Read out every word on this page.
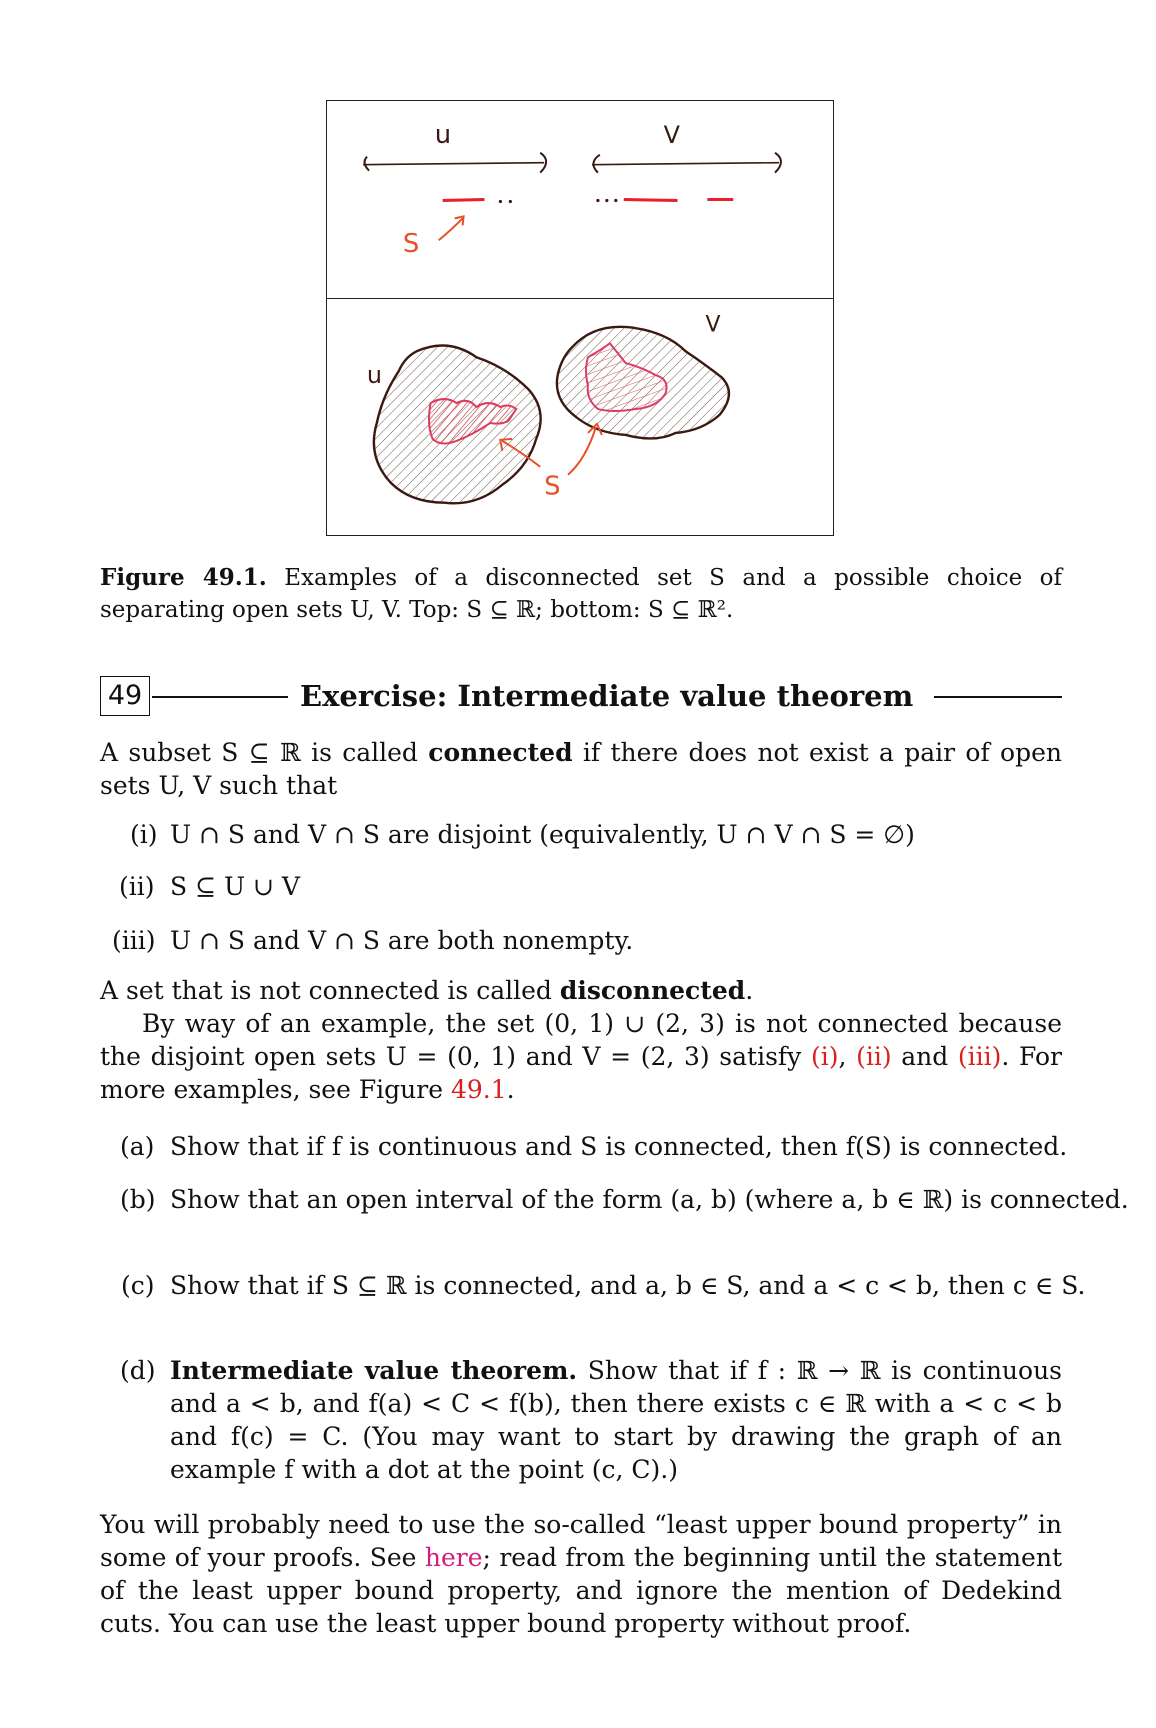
u	V
S
u
V
S
Figure 49.1. Examples of a disconnected set S and a possible choice of separating open sets U, V. Top: S ⊆ ℝ; bottom: S ⊆ ℝ².
49	Exercise: Intermediate value theorem
A subset S ⊆ ℝ is called connected if there does not exist a pair of open sets U, V such that
(i) U ∩ S and V ∩ S are disjoint (equivalently, U ∩ V ∩ S = ∅)
(ii) S ⊆ U ∪ V
(iii) U ∩ S and V ∩ S are both nonempty.
A set that is not connected is called disconnected.
By way of an example, the set (0, 1) ∪ (2, 3) is not connected because the disjoint open sets U = (0, 1) and V = (2, 3) satisfy (i), (ii) and (iii). For more examples, see Figure 49.1.
(a) Show that if f is continuous and S is connected, then f(S) is connected.
(b) Show that an open interval of the form (a, b) (where a, b ∈ ℝ) is connected.
(c) Show that if S ⊆ ℝ is connected, and a, b ∈ S, and a < c < b, then c ∈ S.
(d) Intermediate value theorem. Show that if f : ℝ → ℝ is continuous and a < b, and f(a) < C < f(b), then there exists c ∈ ℝ with a < c < b and f(c) = C. (You may want to start by drawing the graph of an example f with a dot at the point (c, C).)
You will probably need to use the so-called “least upper bound property” in some of your proofs. See here; read from the beginning until the statement of the least upper bound property, and ignore the mention of Dedekind cuts. You can use the least upper bound property without proof.
